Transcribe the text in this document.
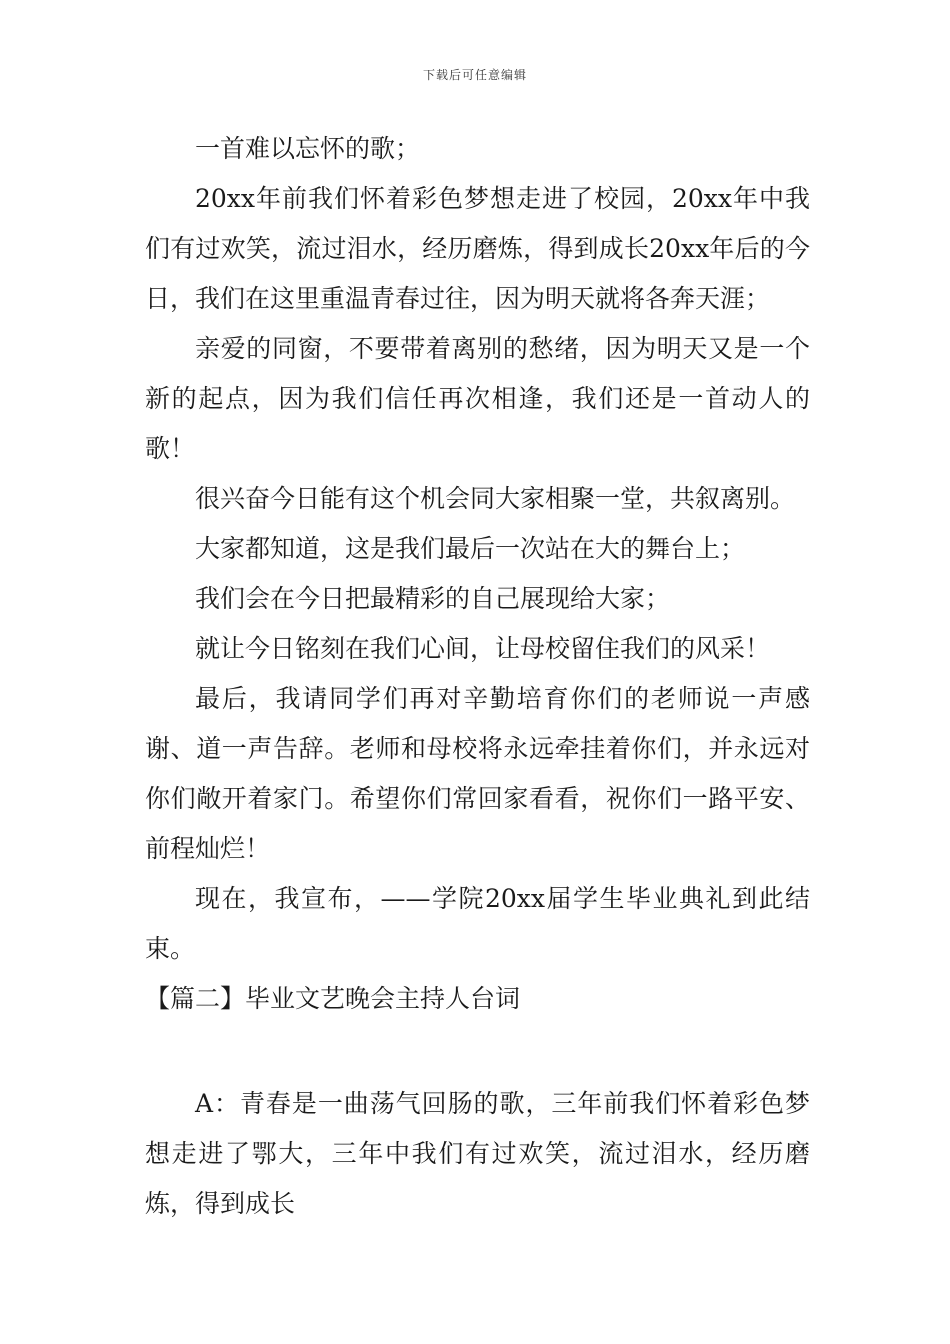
下载后可任意编辑

一首难以忘怀的歌；

20xx年前我们怀着彩色梦想走进了校园，20xx年中我们有过欢笑，流过泪水，经历磨炼，得到成长20xx年后的今日，我们在这里重温青春过往，因为明天就将各奔天涯；

亲爱的同窗，不要带着离别的愁绪，因为明天又是一个新的起点，因为我们信任再次相逢，我们还是一首动人的歌！

很兴奋今日能有这个机会同大家相聚一堂，共叙离别。

大家都知道，这是我们最后一次站在大的舞台上；

我们会在今日把最精彩的自己展现给大家；

就让今日铭刻在我们心间，让母校留住我们的风采！

最后，我请同学们再对辛勤培育你们的老师说一声感谢、道一声告辞。老师和母校将永远牵挂着你们，并永远对你们敞开着家门。希望你们常回家看看，祝你们一路平安、前程灿烂！

现在，我宣布，——学院20xx届学生毕业典礼到此结束。

【篇二】毕业文艺晚会主持人台词

A：青春是一曲荡气回肠的歌，三年前我们怀着彩色梦想走进了鄂大，三年中我们有过欢笑，流过泪水，经历磨炼，得到成长
